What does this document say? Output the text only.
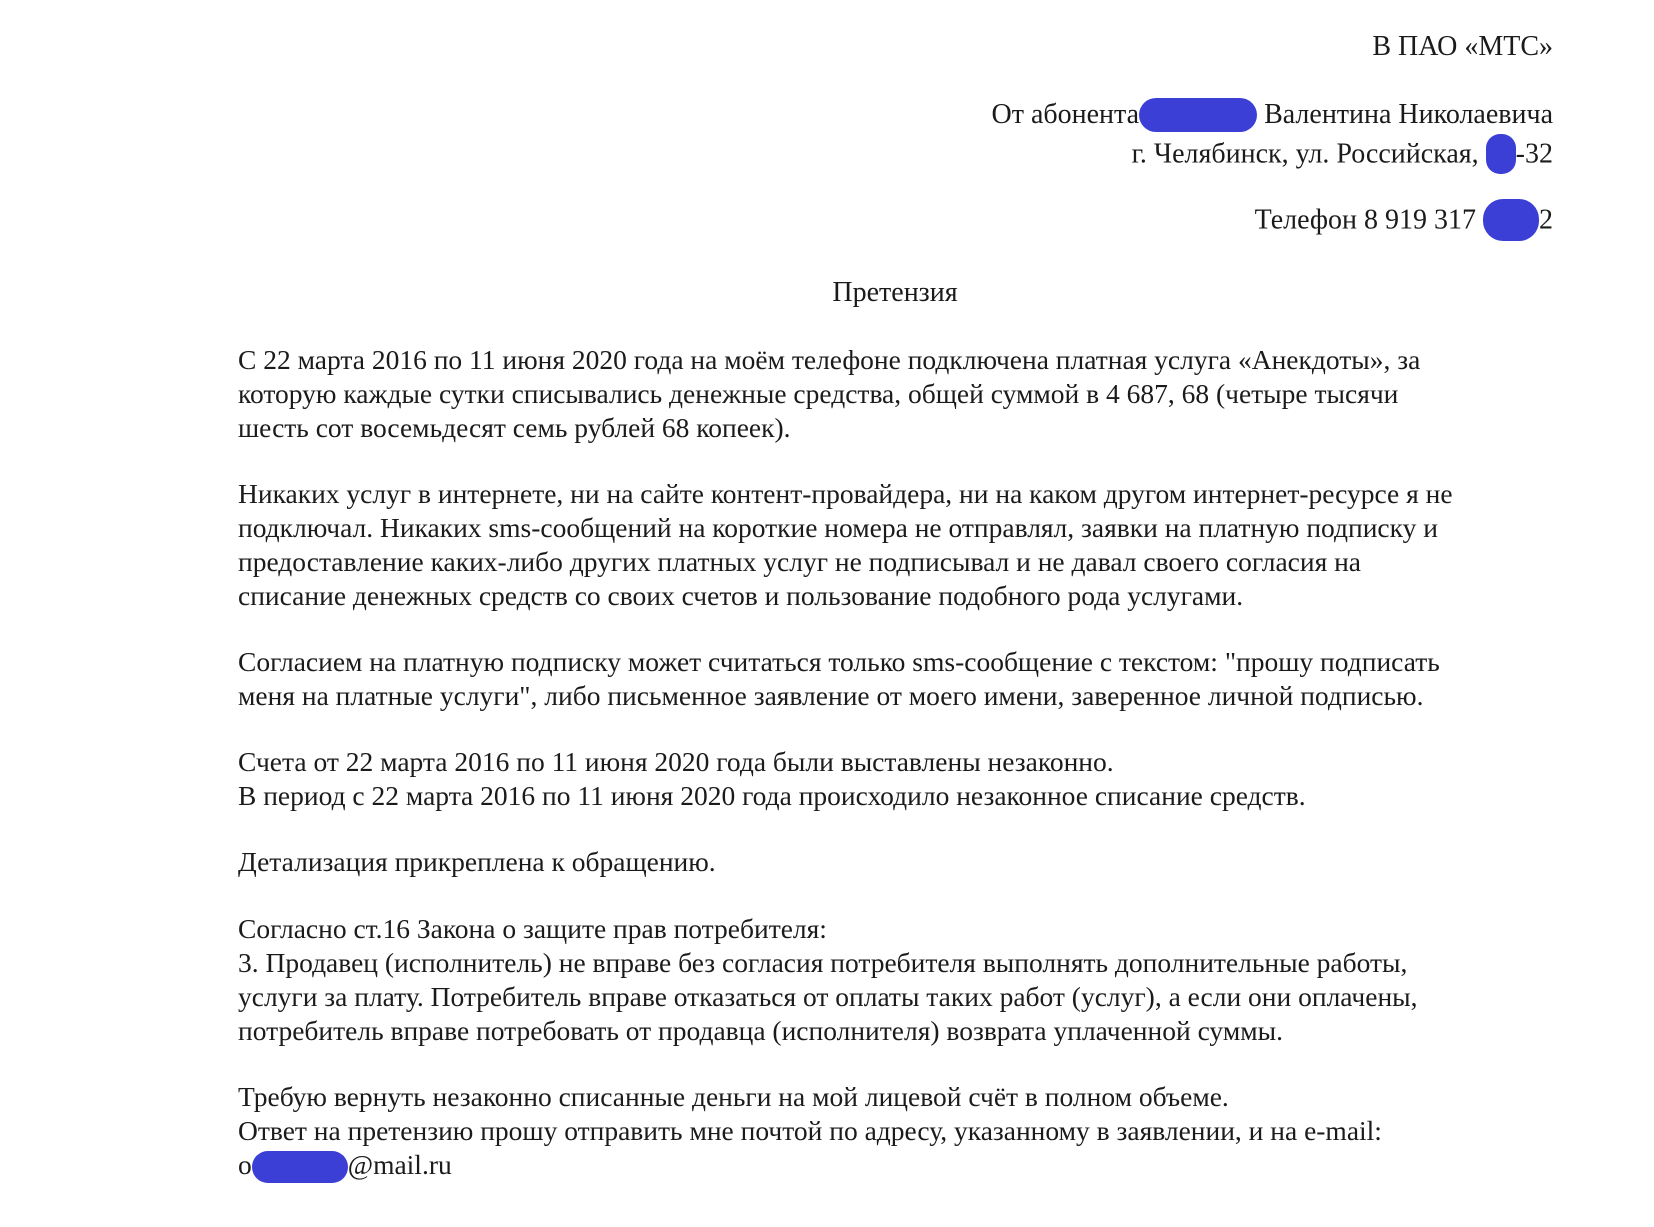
В ПАО «МТС»
От абонента	Валентина Николаевича
г. Челябинск, ул. Российская, -32
Телефон 8 919 317 2
Претензия
С 22 марта 2016 по 11 июня 2020 года на моём телефоне подключена платная услуга «Анекдоты», за
которую каждые сутки списывались денежные средства, общей суммой в 4 687, 68 (четыре тысячи
шесть сот восемьдесят семь рублей 68 копеек).
Никаких услуг в интернете, ни на сайте контент-провайдера, ни на каком другом интернет-ресурсе я не
подключал. Никаких sms-сообщений на короткие номера не отправлял, заявки на платную подписку и
предоставление каких-либо других платных услуг не подписывал и не давал своего согласия на
списание денежных средств со своих счетов и пользование подобного рода услугами.
Согласием на платную подписку может считаться только sms-сообщение с текстом: "прошу подписать
меня на платные услуги", либо письменное заявление от моего имени, заверенное личной подписью.
Счета от 22 марта 2016 по 11 июня 2020 года были выставлены незаконно.
В период с 22 марта 2016 по 11 июня 2020 года происходило незаконное списание средств.
Детализация прикреплена к обращению.
Согласно ст.16 Закона о защите прав потребителя:
3. Продавец (исполнитель) не вправе без согласия потребителя выполнять дополнительные работы,
услуги за плату. Потребитель вправе отказаться от оплаты таких работ (услуг), а если они оплачены,
потребитель вправе потребовать от продавца (исполнителя) возврата уплаченной суммы.
Требую вернуть незаконно списанные деньги на мой лицевой счёт в полном объеме.
Ответ на претензию прошу отправить мне почтой по адресу, указанному в заявлении, и на e-mail:
о	@mail.ru
